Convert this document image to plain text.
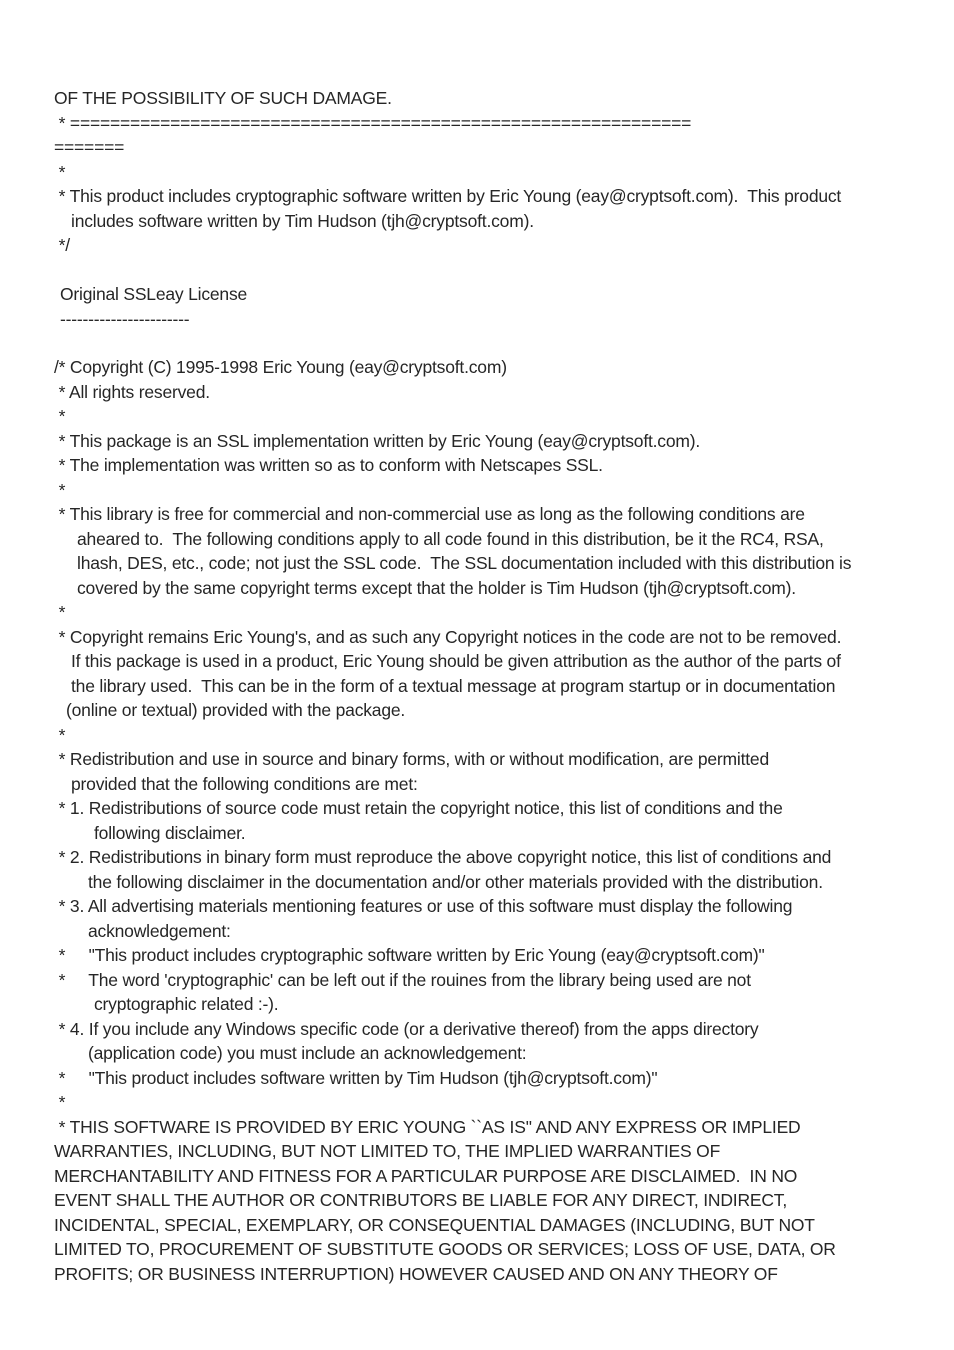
OF THE POSSIBILITY OF SUCH DAMAGE.
* ==============================================================
=======
*
* This product includes cryptographic software written by Eric Young (eay@cryptsoft.com).  This product
includes software written by Tim Hudson (tjh@cryptsoft.com).
*/
Original SSLeay License
-----------------------
/* Copyright (C) 1995-1998 Eric Young (eay@cryptsoft.com)
* All rights reserved.
*
* This package is an SSL implementation written by Eric Young (eay@cryptsoft.com).
* The implementation was written so as to conform with Netscapes SSL.
*
* This library is free for commercial and non-commercial use as long as the following conditions are
aheared to.  The following conditions apply to all code found in this distribution, be it the RC4, RSA,
lhash, DES, etc., code; not just the SSL code.  The SSL documentation included with this distribution is
covered by the same copyright terms except that the holder is Tim Hudson (tjh@cryptsoft.com).
*
* Copyright remains Eric Young's, and as such any Copyright notices in the code are not to be removed.
If this package is used in a product, Eric Young should be given attribution as the author of the parts of
the library used.  This can be in the form of a textual message at program startup or in documentation
(online or textual) provided with the package.
*
* Redistribution and use in source and binary forms, with or without modification, are permitted
provided that the following conditions are met:
* 1. Redistributions of source code must retain the copyright notice, this list of conditions and the
following disclaimer.
* 2. Redistributions in binary form must reproduce the above copyright notice, this list of conditions and
the following disclaimer in the documentation and/or other materials provided with the distribution.
* 3. All advertising materials mentioning features or use of this software must display the following
acknowledgement:
*     "This product includes cryptographic software written by Eric Young (eay@cryptsoft.com)"
*     The word 'cryptographic' can be left out if the rouines from the library being used are not
cryptographic related :-).
* 4. If you include any Windows specific code (or a derivative thereof) from the apps directory
(application code) you must include an acknowledgement:
*     "This product includes software written by Tim Hudson (tjh@cryptsoft.com)"
*
* THIS SOFTWARE IS PROVIDED BY ERIC YOUNG ``AS IS'' AND ANY EXPRESS OR IMPLIED
WARRANTIES, INCLUDING, BUT NOT LIMITED TO, THE IMPLIED WARRANTIES OF
MERCHANTABILITY AND FITNESS FOR A PARTICULAR PURPOSE ARE DISCLAIMED.  IN NO
EVENT SHALL THE AUTHOR OR CONTRIBUTORS BE LIABLE FOR ANY DIRECT, INDIRECT,
INCIDENTAL, SPECIAL, EXEMPLARY, OR CONSEQUENTIAL DAMAGES (INCLUDING, BUT NOT
LIMITED TO, PROCUREMENT OF SUBSTITUTE GOODS OR SERVICES; LOSS OF USE, DATA, OR
PROFITS; OR BUSINESS INTERRUPTION) HOWEVER CAUSED AND ON ANY THEORY OF
